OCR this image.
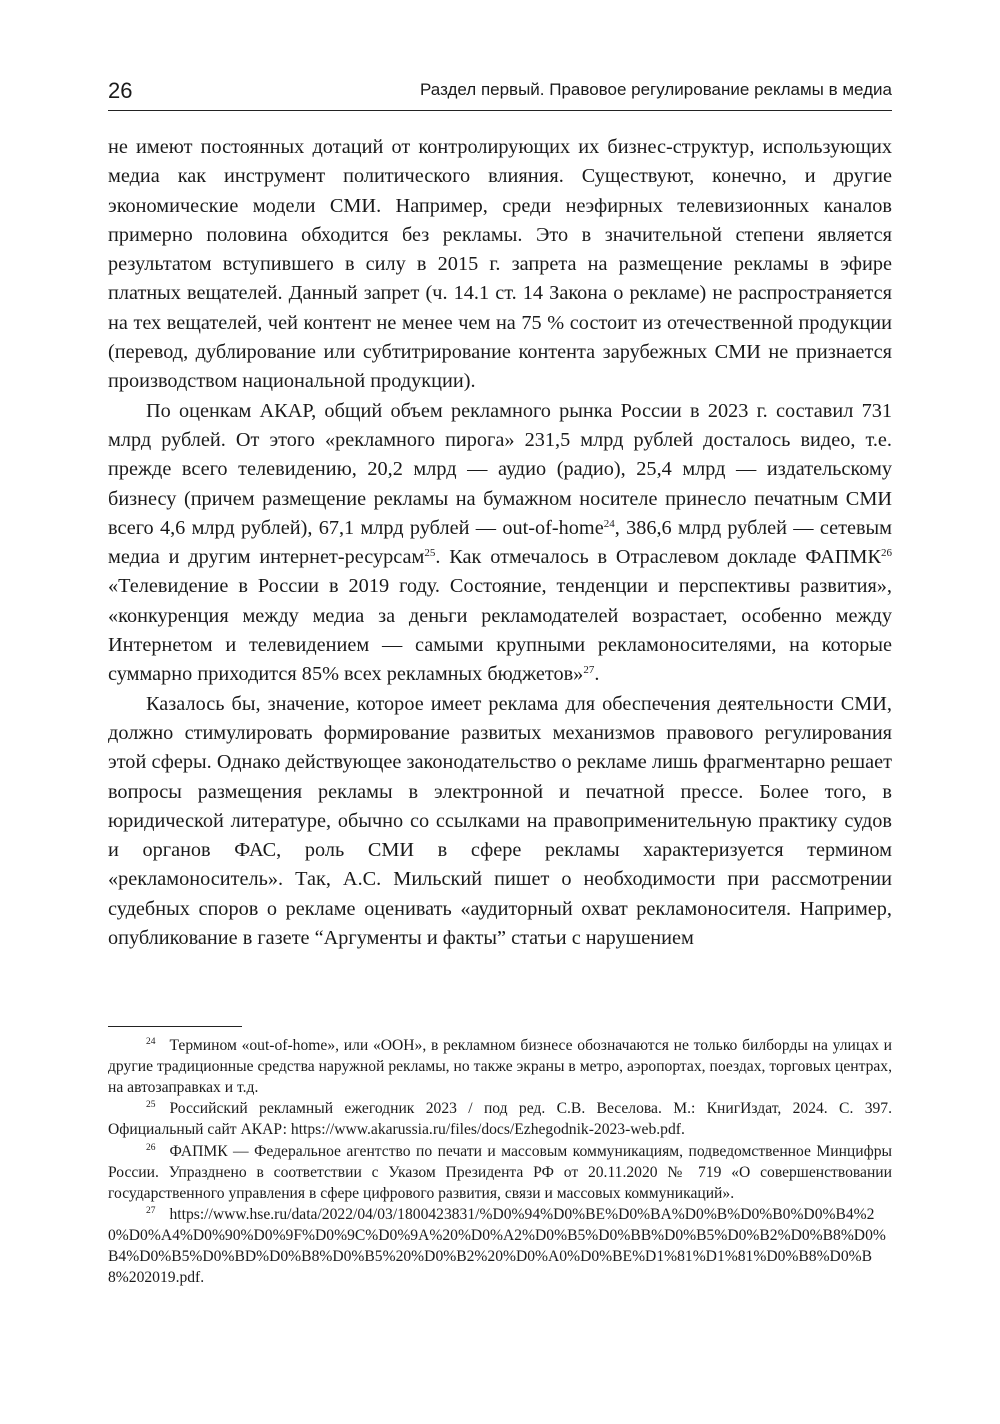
26	Раздел первый. Правовое регулирование рекламы в медиа

не имеют постоянных дотаций от контролирующих их бизнес-структур, использующих медиа как инструмент политического влияния. Существуют, конечно, и другие экономические модели СМИ. Например, среди неэфирных телевизионных каналов примерно половина обходится без рекламы. Это в значительной степени является результатом вступившего в силу в 2015 г. запрета на размещение рекламы в эфире платных вещателей. Данный запрет (ч. 14.1 ст. 14 Закона о рекламе) не распространяется на тех вещателей, чей контент не менее чем на 75 % состоит из отечественной продукции (перевод, дублирование или субтитрирование контента зарубежных СМИ не признается производством национальной продукции).

По оценкам АКАР, общий объем рекламного рынка России в 2023 г. составил 731 млрд рублей. От этого «рекламного пирога» 231,5 млрд рублей досталось видео, т.е. прежде всего телевидению, 20,2 млрд — аудио (радио), 25,4 млрд — издательскому бизнесу (причем размещение рекламы на бумажном носителе принесло печатным СМИ всего 4,6 млрд рублей), 67,1 млрд рублей — out-of-home$^{24}$, 386,6 млрд рублей — сетевым медиа и другим интернет-ресурсам$^{25}$. Как отмечалось в Отраслевом докладе ФАПМК$^{26}$ «Телевидение в России в 2019 году. Состояние, тенденции и перспективы развития», «конкуренция между медиа за деньги рекламодателей возрастает, особенно между Интернетом и телевидением — самыми крупными рекламоносителями, на которые суммарно приходится 85% всех рекламных бюджетов»$^{27}$.

Казалось бы, значение, которое имеет реклама для обеспечения деятельности СМИ, должно стимулировать формирование развитых механизмов правового регулирования этой сферы. Однако действующее законодательство о рекламе лишь фрагментарно решает вопросы размещения рекламы в электронной и печатной прессе. Более того, в юридической литературе, обычно со ссылками на правоприменительную практику судов и органов ФАС, роль СМИ в сфере рекламы характеризуется термином «рекламоноситель». Так, А.С. Мильский пишет о необходимости при рассмотрении судебных споров о рекламе оценивать «аудиторный охват рекламоносителя. Например, опубликование в газете “Аргументы и факты” статьи с нарушением

$^{24}$ Термином «out-of-home», или «OOH», в рекламном бизнесе обозначаются не только билборды на улицах и другие традиционные средства наружной рекламы, но также экраны в метро, аэропортах, поездах, торговых центрах, на автозаправках и т.д.

$^{25}$ Российский рекламный ежегодник 2023 / под ред. С.В. Веселова. М.: КнигИздат, 2024. С. 397. Официальный сайт АКАР: https://www.akarussia.ru/files/docs/Ezhegodnik-2023-web.pdf.

$^{26}$ ФАПМК — Федеральное агентство по печати и массовым коммуникациям, подведомственное Минцифры России. Упразднено в соответствии с Указом Президента РФ от 20.11.2020 № 719 «О совершенствовании государственного управления в сфере цифрового развития, связи и массовых коммуникаций».

$^{27}$ https://www.hse.ru/data/2022/04/03/1800423831/%D0%94%D0%BE%D0%BA%D0%B%D0%B0%D0%B4%20%D0%A4%D0%90%D0%9F%D0%9C%D0%9A%20%D0%A2%D0%B5%D0%BB%D0%B5%D0%B2%D0%B8%D0%B4%D0%B5%D0%BD%D0%B8%D0%B5%20%D0%B2%20%D0%A0%D0%BE%D1%81%D1%81%D0%B8%D0%B8%202019.pdf.
